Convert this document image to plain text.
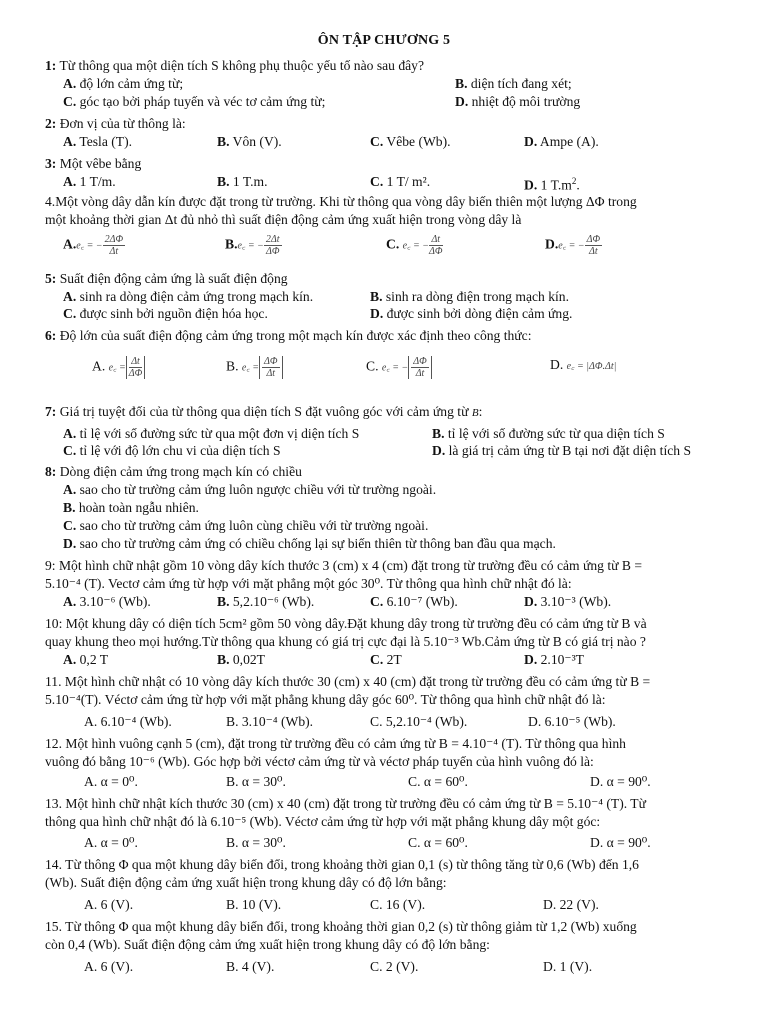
ÔN TẬP CHƯƠNG 5
1: Từ thông qua một diện tích S không phụ thuộc yếu tố nào sau đây?
A. độ lớn cảm ứng từ;	B. diện tích đang xét;
C. góc tạo bởi pháp tuyến và véc tơ cảm ứng từ;	D. nhiệt độ môi trường
2: Đơn vị của từ thông là:
A. Tesla (T).	B. Vôn (V).	C. Vêbe (Wb).	D. Ampe (A).
3: Một vêbe bằng
A. 1 T/m.	B. 1 T.m.	C. 1 T/ m².	D. 1 $T.m^2$.
4.Một vòng dây dẫn kín được đặt trong từ trường. Khi từ thông qua vòng dây biến thiên một lượng ΔΦ trong
một khoảng thời gian Δt đủ nhỏ thì suất điện động cảm ứng xuất hiện trong vòng dây là
A.e꜀ = − $\frac{2\Delta\Phi}{\Delta t}$	B.e꜀ = − $\frac{2\Delta t}{\Delta\Phi}$	C. e꜀ = − $\frac{\Delta t}{\Delta\Phi}$	D.e꜀ = − $\frac{\Delta\Phi}{\Delta t}$
5: Suất điện động cảm ứng là suất điện động
A. sinh ra dòng điện cảm ứng trong mạch kín.	B. sinh ra dòng điện trong mạch kín.
C. được sinh bởi nguồn điện hóa học.	D. được sinh bởi dòng điện cảm ứng.
6: Độ lớn của suất điện động cảm ứng trong một mạch kín được xác định theo công thức:
A. e꜀ = $\frac{\Delta t}{\Delta\Phi}$	B. e꜀ = $\frac{\Delta\Phi}{\Delta t}$	C. e꜀ = − $\frac{\Delta\Phi}{\Delta t}$	D. e꜀ = |ΔΦ.Δt|
7: Giá trị tuyệt đối của từ thông qua diện tích S đặt vuông góc với cảm ứng từ B:
A. tỉ lệ với số đường sức từ qua một đơn vị diện tích S	B. tỉ lệ với số đường sức từ qua diện tích S
C. tỉ lệ với độ lớn chu vi của diện tích S	D. là giá trị cảm ứng từ B tại nơi đặt diện tích S
8: Dòng điện cảm ứng trong mạch kín có chiều
A. sao cho từ trường cảm ứng luôn ngược chiều với từ trường ngoài.
B. hoàn toàn ngẫu nhiên.
C. sao cho từ trường cảm ứng luôn cùng chiều với từ trường ngoài.
D. sao cho từ trường cảm ứng có chiều chống lại sự biến thiên từ thông ban đầu qua mạch.
9: Một hình chữ nhật gồm 10 vòng dây kích thước 3 (cm) x 4 (cm) đặt trong từ trường đều có cảm ứng từ B =
5.10⁻⁴ (T). Vectơ cảm ứng từ hợp với mặt phẳng một góc 30⁰. Từ thông qua hình chữ nhật đó là:
A. 3.10⁻⁶ (Wb).	B. 5,2.10⁻⁶ (Wb).	C. 6.10⁻⁷ (Wb).	D. 3.10⁻³ (Wb).
10: Một khung dây có diện tích 5cm² gồm 50 vòng dây.Đặt khung dây trong từ trường đều có cảm ứng từ B và
quay khung theo mọi hướng.Từ thông qua khung có giá trị cực đại là 5.10⁻³ Wb.Cảm ứng từ B có giá trị nào ?
A. 0,2 T	B. 0,02T	C. 2T	D. 2.10⁻³T
11. Một hình chữ nhật có 10 vòng dây kích thước 30 (cm) x 40 (cm) đặt trong từ trường đều có cảm ứng từ B =
5.10⁻⁴(T). Véctơ cảm ứng từ hợp với mặt phẳng khung dây góc 60⁰. Từ thông qua hình chữ nhật đó là:
A. 6.10⁻⁴ (Wb).	B. 3.10⁻⁴ (Wb).	C. 5,2.10⁻⁴ (Wb).	D. 6.10⁻⁵ (Wb).
12. Một hình vuông cạnh 5 (cm), đặt trong từ trường đều có cảm ứng từ B = 4.10⁻⁴ (T). Từ thông qua hình
vuông đó bằng 10⁻⁶ (Wb). Góc hợp bởi véctơ cảm ứng từ và véctơ pháp tuyến của hình vuông đó là:
A. α = 0⁰.	B. α = 30⁰.	C. α = 60⁰.	D. α = 90⁰.
13. Một hình chữ nhật kích thước 30 (cm) x 40 (cm) đặt trong từ trường đều có cảm ứng từ B = 5.10⁻⁴ (T). Từ
thông qua hình chữ nhật đó là 6.10⁻⁵ (Wb). Véctơ cảm ứng từ hợp với mặt phẳng khung dây một góc:
A. α = 0⁰.	B. α = 30⁰.	C. α = 60⁰.	D. α = 90⁰.
14. Từ thông Φ qua một khung dây biến đổi, trong khoảng thời gian 0,1 (s) từ thông tăng từ 0,6 (Wb) đến 1,6
(Wb). Suất điện động cảm ứng xuất hiện trong khung dây có độ lớn bằng:
A. 6 (V).	B. 10 (V).	C. 16 (V).	D. 22 (V).
15. Từ thông Φ qua một khung dây biến đổi, trong khoảng thời gian 0,2 (s) từ thông giảm từ 1,2 (Wb) xuống
còn 0,4 (Wb). Suất điện động cảm ứng xuất hiện trong khung dây có độ lớn bằng:
A. 6 (V).	B. 4 (V).	C. 2 (V).	D. 1 (V).
